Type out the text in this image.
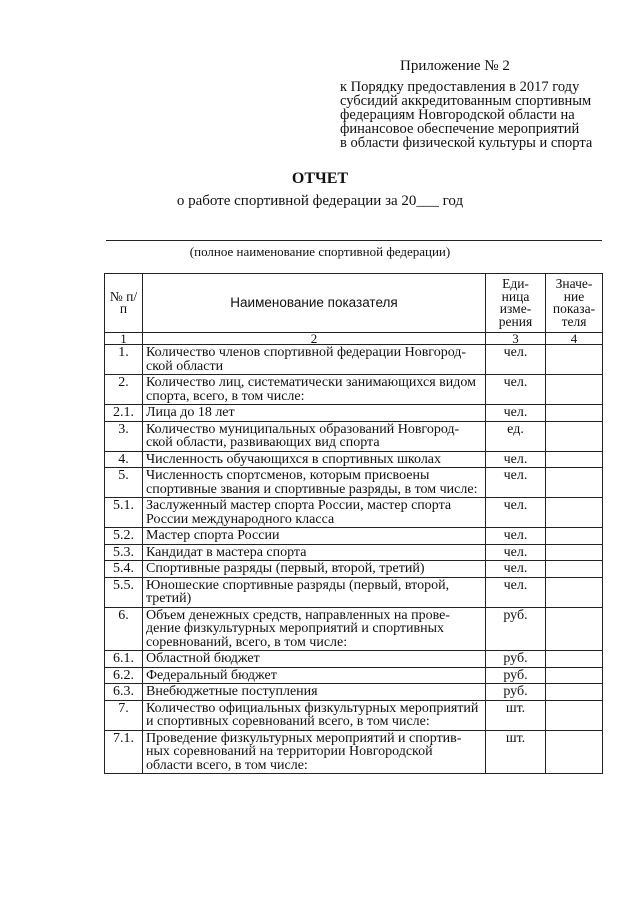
Приложение № 2
к Порядку предоставления в 2017 году
субсидий аккредитованным спортивным
федерациям Новгородской области на
финансовое обеспечение мероприятий
в области физической культуры и спорта
ОТЧЕТ
о работе спортивной федерации за 20___ год
(полное наименование спортивной федерации)
№ п/п	Наименование показателя	Еди- ница изме- рения	Значе- ние показа- теля
1	2	3	4
1.	Количество членов спортивной федерации Новгород-ской области	чел.	
2.	Количество лиц, систематически занимающихся видом спорта, всего, в том числе:	чел.	
2.1.	Лица до 18 лет	чел.	
3.	Количество муниципальных образований Новгород-ской области, развивающих вид спорта	ед.	
4.	Численность обучающихся в спортивных школах	чел.	
5.	Численность спортсменов, которым присвоены спортивные звания и спортивные разряды, в том числе:	чел.	
5.1.	Заслуженный мастер спорта России, мастер спорта России международного класса	чел.	
5.2.	Мастер спорта России	чел.	
5.3.	Кандидат в мастера спорта	чел.	
5.4.	Спортивные разряды (первый, второй, третий)	чел.	
5.5.	Юношеские спортивные разряды (первый, второй, третий)	чел.	
6.	Объем денежных средств, направленных на прове-дение физкультурных мероприятий и спортивных соревнований, всего, в том числе:	руб.	
6.1.	Областной бюджет	руб.	
6.2.	Федеральный бюджет	руб.	
6.3.	Внебюджетные поступления	руб.	
7.	Количество официальных физкультурных мероприятий и спортивных соревнований всего, в том числе:	шт.	
7.1.	Проведение физкультурных мероприятий и спортив-ных соревнований на территории Новгородской области всего, в том числе:	шт.	
